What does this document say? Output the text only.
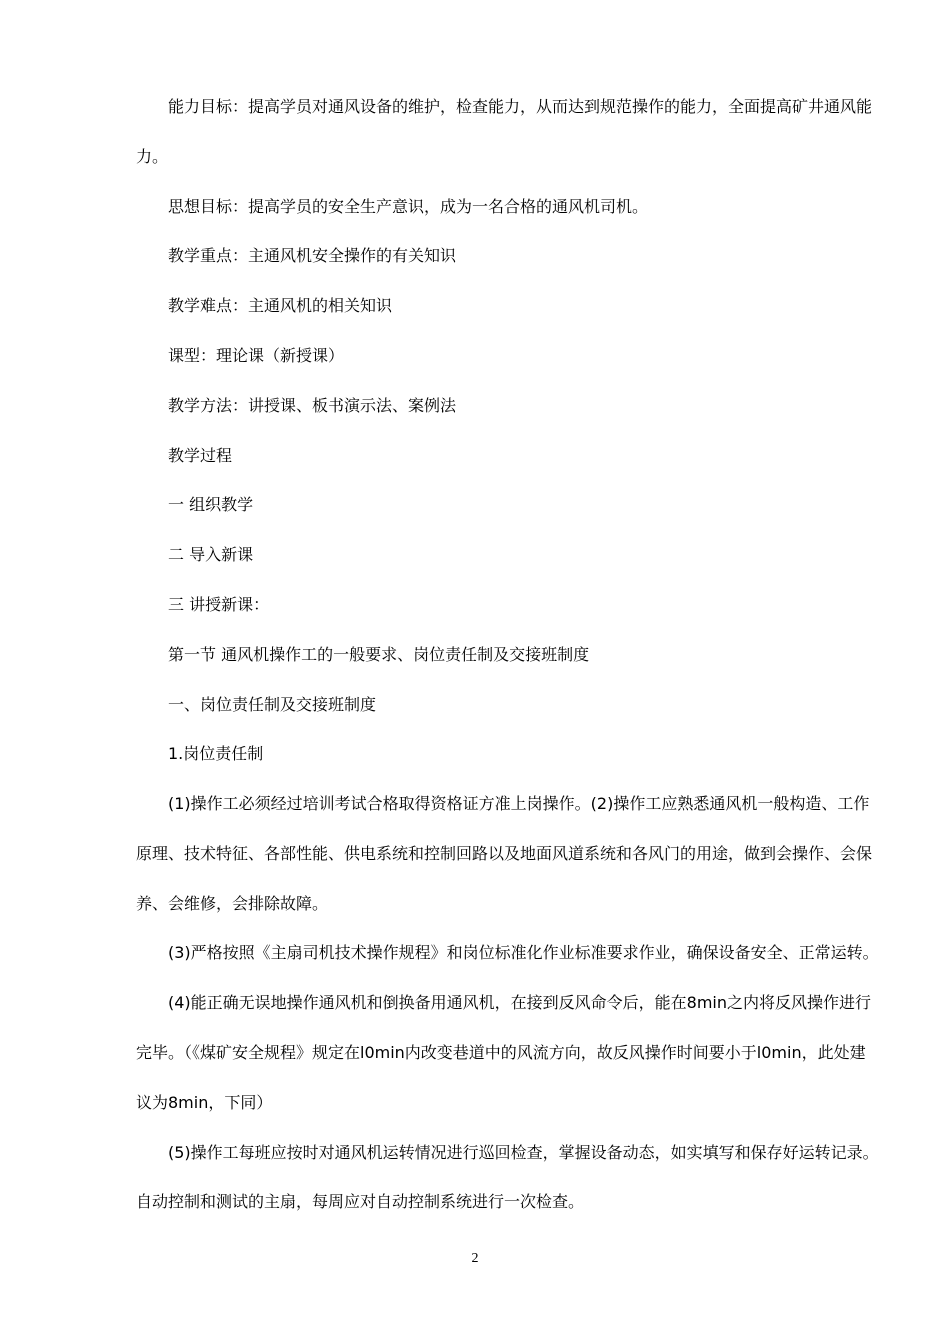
能力目标：提高学员对通风设备的维护，检查能力，从而达到规范操作的能力，全面提高矿井通风能
力。
思想目标：提高学员的安全生产意识，成为一名合格的通风机司机。
教学重点：主通风机安全操作的有关知识
教学难点：主通风机的相关知识
课型：理论课（新授课）
教学方法：讲授课、板书演示法、案例法
教学过程
一 组织教学
二 导入新课
三 讲授新课：
第一节 通风机操作工的一般要求、岗位责任制及交接班制度
一、岗位责任制及交接班制度
1.岗位责任制
(1)操作工必须经过培训考试合格取得资格证方准上岗操作。(2)操作工应熟悉通风机一般构造、工作
原理、技术特征、各部性能、供电系统和控制回路以及地面风道系统和各风门的用途，做到会操作、会保
养、会维修，会排除故障。
(3)严格按照《主扇司机技术操作规程》和岗位标准化作业标准要求作业，确保设备安全、正常运转。
(4)能正确无误地操作通风机和倒换备用通风机，在接到反风命令后，能在8min之内将反风操作进行
完毕。（《煤矿安全规程》规定在l0min内改变巷道中的风流方向，故反风操作时间要小于l0min，此处建
议为8min，下同）
(5)操作工每班应按时对通风机运转情况进行巡回检查，掌握设备动态，如实填写和保存好运转记录。
自动控制和测试的主扇，每周应对自动控制系统进行一次检查。
2
